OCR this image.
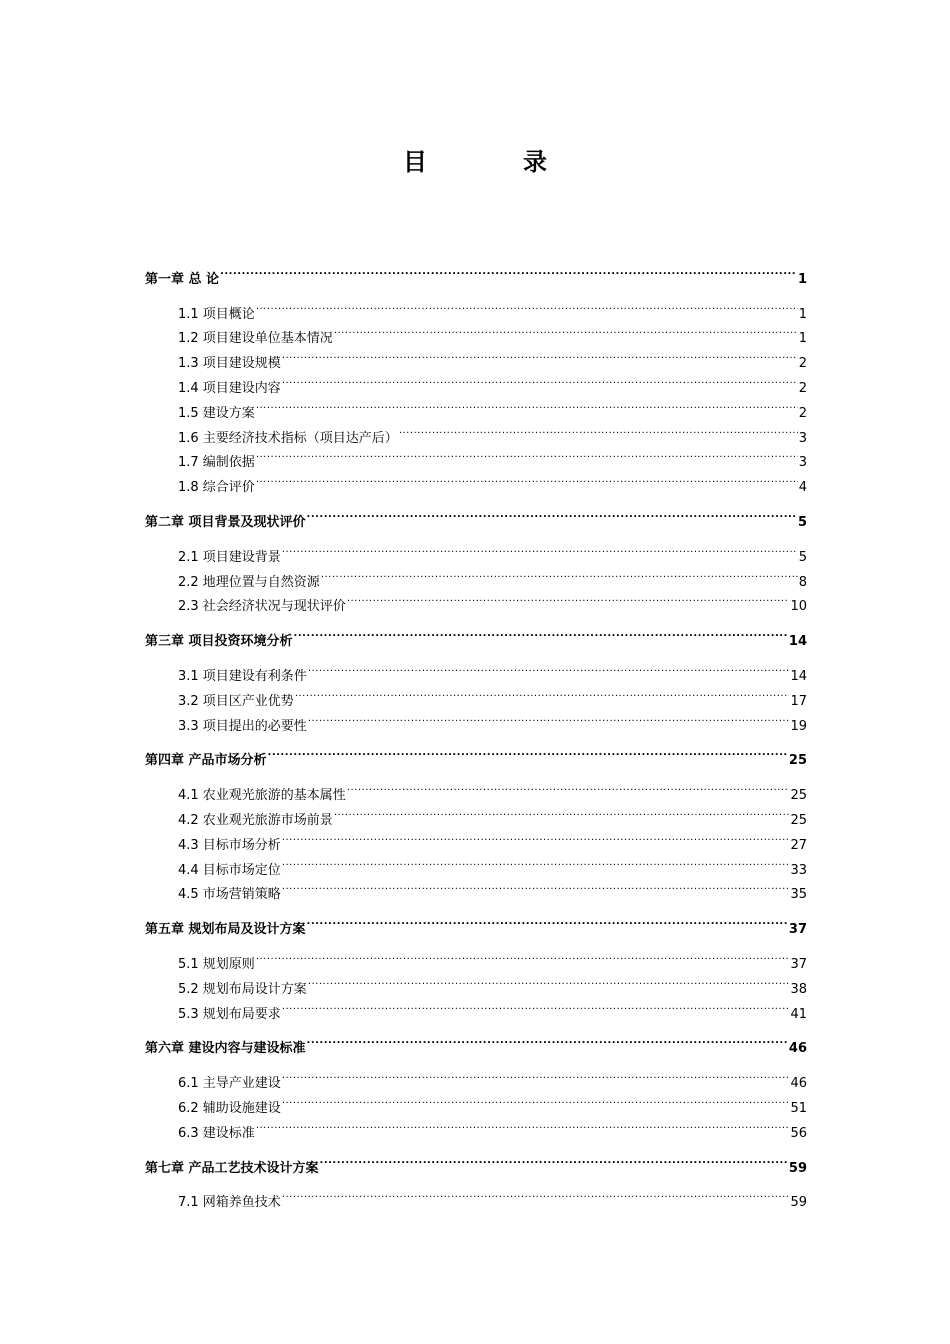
目　录
第一章 总 论 .....	1
1.1 项目概论 .....	1
1.2 项目建设单位基本情况 .....	1
1.3 项目建设规模 .....	2
1.4 项目建设内容 .....	2
1.5 建设方案 .....	2
1.6 主要经济技术指标（项目达产后） .....	3
1.7 编制依据 .....	3
1.8 综合评价 .....	4
第二章 项目背景及现状评价 .....	5
2.1 项目建设背景 .....	5
2.2 地理位置与自然资源 .....	8
2.3 社会经济状况与现状评价 .....	10
第三章 项目投资环境分析 .....	14
3.1 项目建设有利条件 .....	14
3.2 项目区产业优势 .....	17
3.3 项目提出的必要性 .....	19
第四章 产品市场分析 .....	25
4.1 农业观光旅游的基本属性 .....	25
4.2 农业观光旅游市场前景 .....	25
4.3 目标市场分析 .....	27
4.4 目标市场定位 .....	33
4.5 市场营销策略 .....	35
第五章 规划布局及设计方案 .....	37
5.1 规划原则 .....	37
5.2 规划布局设计方案 .....	38
5.3 规划布局要求 .....	41
第六章 建设内容与建设标准 .....	46
6.1 主导产业建设 .....	46
6.2 辅助设施建设 .....	51
6.3 建设标准 .....	56
第七章 产品工艺技术设计方案 .....	59
7.1 网箱养鱼技术 .....	59
